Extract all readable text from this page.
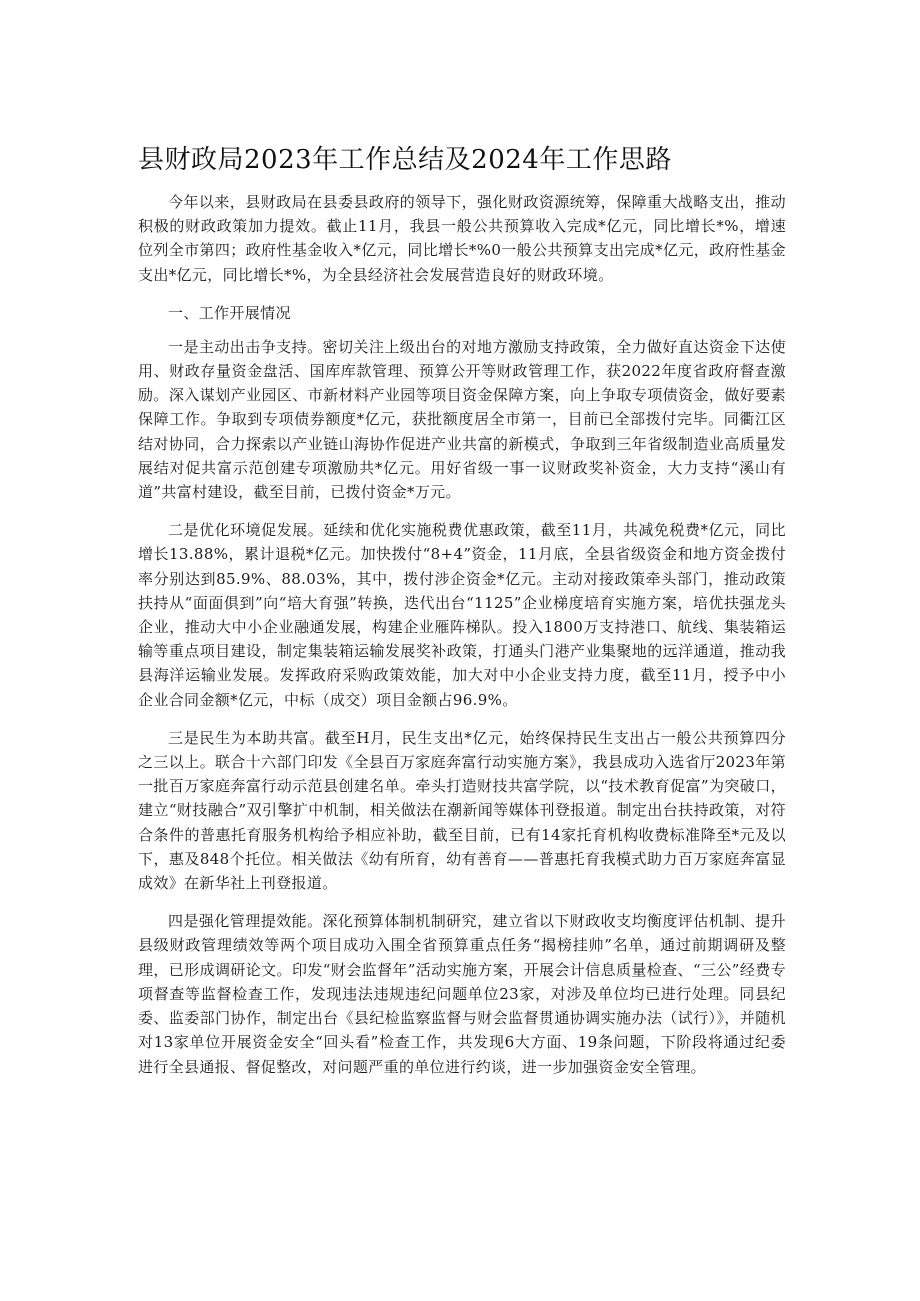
县财政局2023年工作总结及2024年工作思路

今年以来，县财政局在县委县政府的领导下，强化财政资源统筹，保障重大战略支出，推动积极的财政政策加力提效。截止11月，我县一般公共预算收入完成*亿元，同比增长*%，增速位列全市第四；政府性基金收入*亿元，同比增长*%0一般公共预算支出完成*亿元，政府性基金支出*亿元，同比增长*%，为全县经济社会发展营造良好的财政环境。

一、工作开展情况

一是主动出击争支持。密切关注上级出台的对地方激励支持政策，全力做好直达资金下达使用、财政存量资金盘活、国库库款管理、预算公开等财政管理工作，获2022年度省政府督查激励。深入谋划产业园区、市新材料产业园等项目资金保障方案，向上争取专项债资金，做好要素保障工作。争取到专项债券额度*亿元，获批额度居全市第一，目前已全部拨付完毕。同衢江区结对协同，合力探索以产业链山海协作促进产业共富的新模式，争取到三年省级制造业高质量发展结对促共富示范创建专项激励共*亿元。用好省级一事一议财政奖补资金，大力支持“溪山有道”共富村建设，截至目前，已拨付资金*万元。

二是优化环境促发展。延续和优化实施税费优惠政策，截至11月，共减免税费*亿元，同比增长13.88%，累计退税*亿元。加快拨付“8+4”资金，11月底，全县省级资金和地方资金拨付率分别达到85.9%、88.03%，其中，拨付涉企资金*亿元。主动对接政策牵头部门，推动政策扶持从“面面俱到”向“培大育强”转换，迭代出台“1125”企业梯度培育实施方案，培优扶强龙头企业，推动大中小企业融通发展，构建企业雁阵梯队。投入1800万支持港口、航线、集装箱运输等重点项目建设，制定集装箱运输发展奖补政策，打通头门港产业集聚地的远洋通道，推动我县海洋运输业发展。发挥政府采购政策效能，加大对中小企业支持力度，截至11月，授予中小企业合同金额*亿元，中标（成交）项目金额占96.9%。

三是民生为本助共富。截至H月，民生支出*亿元，始终保持民生支出占一般公共预算四分之三以上。联合十六部门印发《全县百万家庭奔富行动实施方案》，我县成功入选省厅2023年第一批百万家庭奔富行动示范县创建名单。牵头打造财技共富学院，以“技术教育促富”为突破口，建立“财技融合”双引擎扩中机制，相关做法在潮新闻等媒体刊登报道。制定出台扶持政策，对符合条件的普惠托育服务机构给予相应补助，截至目前，已有14家托育机构收费标准降至*元及以下，惠及848个托位。相关做法《幼有所育，幼有善育——普惠托育我模式助力百万家庭奔富显成效》在新华社上刊登报道。

四是强化管理提效能。深化预算体制机制研究，建立省以下财政收支均衡度评估机制、提升县级财政管理绩效等两个项目成功入围全省预算重点任务“揭榜挂帅”名单，通过前期调研及整理，已形成调研论文。印发“财会监督年”活动实施方案，开展会计信息质量检查、“三公”经费专项督查等监督检查工作，发现违法违规违纪问题单位23家，对涉及单位均已进行处理。同县纪委、监委部门协作，制定出台《县纪检监察监督与财会监督贯通协调实施办法（试行）》，并随机对13家单位开展资金安全“回头看”检查工作，共发现6大方面、19条问题，下阶段将通过纪委进行全县通报、督促整改，对问题严重的单位进行约谈，进一步加强资金安全管理。
